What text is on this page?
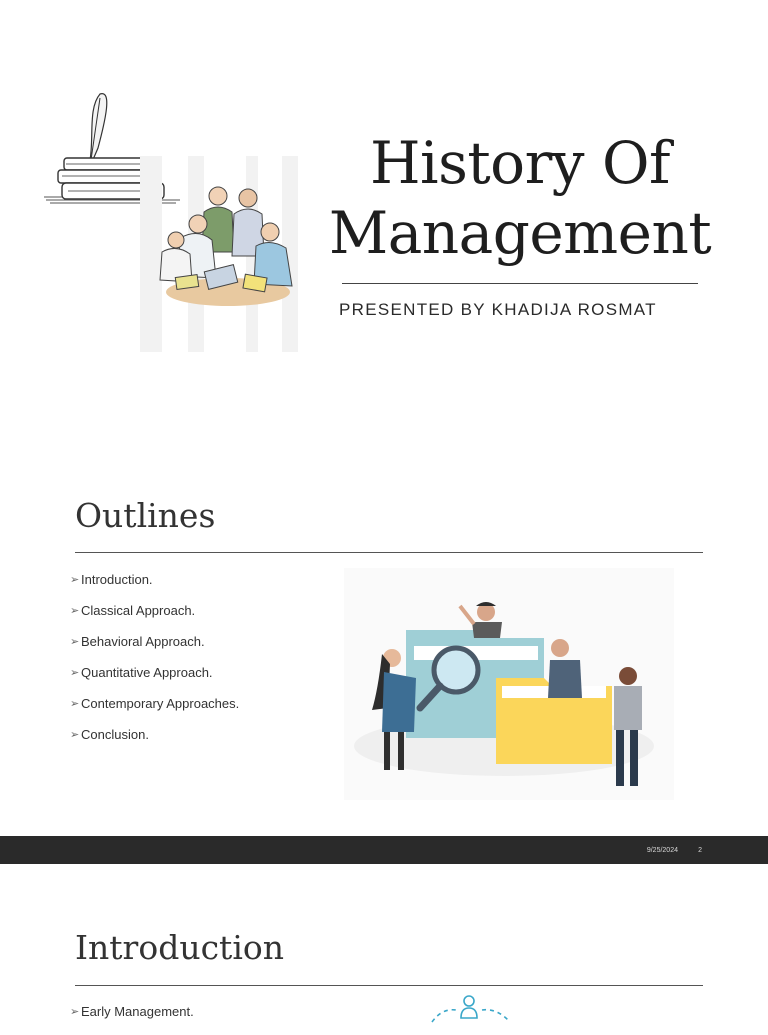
History Of
Management
PRESENTED BY KHADIJA ROSMAT
Outlines
➢ Introduction.
➢ Classical Approach.
➢ Behavioral Approach.
➢ Quantitative Approach.
➢ Contemporary Approaches.
➢ Conclusion.
9/25/2024	2
Introduction
➢ Early Management.
